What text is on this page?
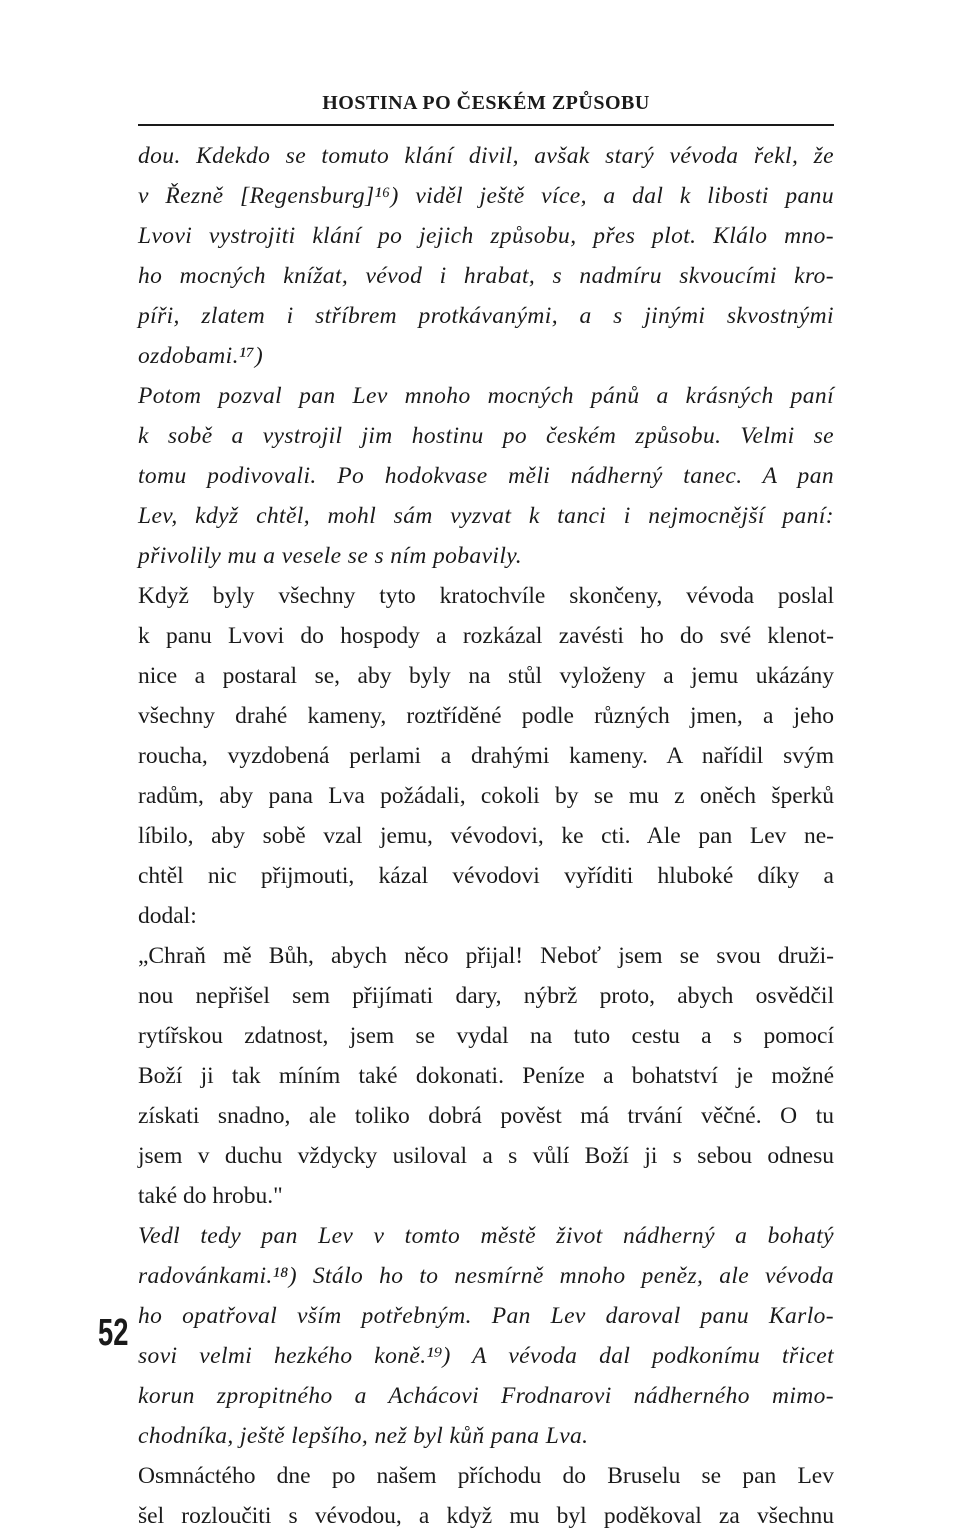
HOSTINA PO ČESKÉM ZPŮSOBU
dou. Kdekdo se tomuto klání divil, avšak starý vévoda řekl, že
v Řezně [Regensburg]¹⁶) viděl ještě více, a dal k libosti panu
Lvovi vystrojiti klání po jejich způsobu, přes plot. Klálo mno-
ho mocných knížat, vévod i hrabat, s nadmíru skvoucími kro-
píři, zlatem i stříbrem protkávanými, a s jinými skvostnými
ozdobami.¹⁷)
Potom pozval pan Lev mnoho mocných pánů a krásných paní
k sobě a vystrojil jim hostinu po českém způsobu. Velmi se
tomu podivovali. Po hodokvase měli nádherný tanec. A pan
Lev, když chtěl, mohl sám vyzvat k tanci i nejmocnější paní:
přivolily mu a vesele se s ním pobavily.
Když byly všechny tyto kratochvíle skončeny, vévoda poslal
k panu Lvovi do hospody a rozkázal zavésti ho do své klenot-
nice a postaral se, aby byly na stůl vyloženy a jemu ukázány
všechny drahé kameny, roztříděné podle různých jmen, a jeho
roucha, vyzdobená perlami a drahými kameny. A nařídil svým
radům, aby pana Lva požádali, cokoli by se mu z oněch šperků
líbilo, aby sobě vzal jemu, vévodovi, ke cti. Ale pan Lev ne-
chtěl nic přijmouti, kázal vévodovi vyříditi hluboké díky a
dodal:
„Chraň mě Bůh, abych něco přijal! Neboť jsem se svou druži-
nou nepřišel sem přijímati dary, nýbrž proto, abych osvědčil
rytířskou zdatnost, jsem se vydal na tuto cestu a s pomocí
Boží ji tak míním také dokonati. Peníze a bohatství je možné
získati snadno, ale toliko dobrá pověst má trvání věčné. O tu
jsem v duchu vždycky usiloval a s vůlí Boží ji s sebou odnesu
také do hrobu."
Vedl tedy pan Lev v tomto městě život nádherný a bohatý
radovánkami.¹⁸) Stálo ho to nesmírně mnoho peněz, ale vévoda
ho opatřoval vším potřebným. Pan Lev daroval panu Karlo-
sovi velmi hezkého koně.¹⁹) A vévoda dal podkonímu třicet
korun zpropitného a Achácovi Frodnarovi nádherného mimo-
chodníka, ještě lepšího, než byl kůň pana Lva.
Osmnáctého dne po našem příchodu do Bruselu se pan Lev
šel rozloučiti s vévodou, a když mu byl poděkoval za všechnu
52
